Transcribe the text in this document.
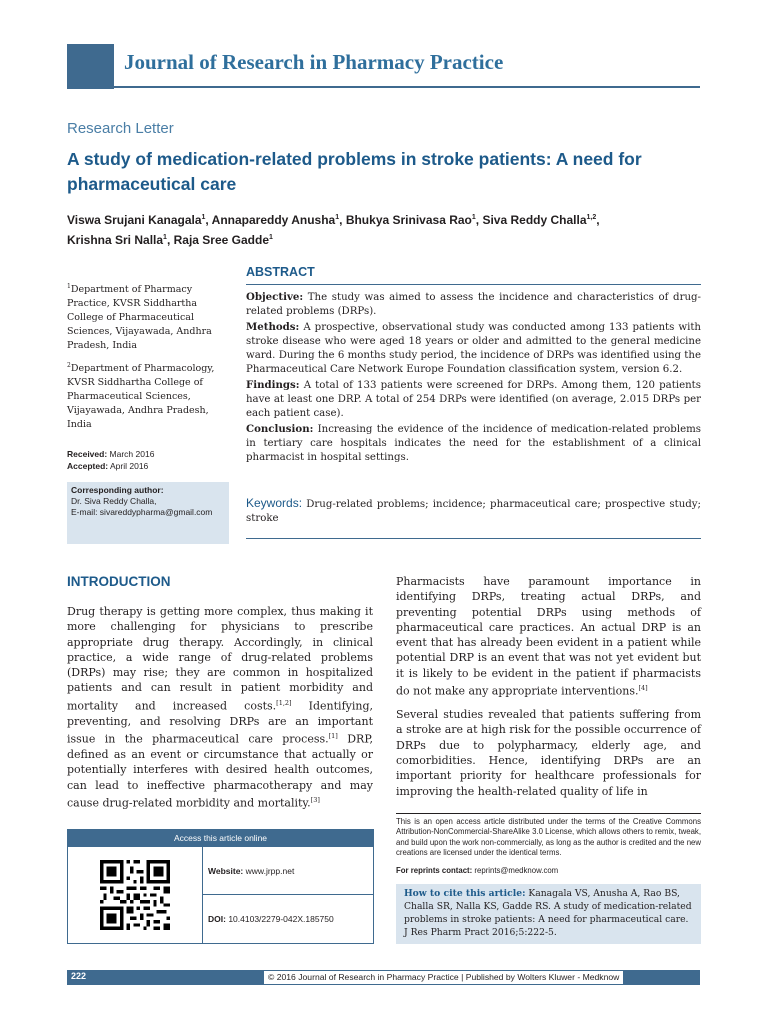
Journal of Research in Pharmacy Practice
Research Letter
A study of medication-related problems in stroke patients: A need for pharmaceutical care
Viswa Srujani Kanagala$^1$, Annapareddy Anusha$^1$, Bhukya Srinivasa Rao$^1$, Siva Reddy Challa$^{1,2}$,
Krishna Sri Nalla$^1$, Raja Sree Gadde$^1$
$^1$Department of Pharmacy Practice, KVSR Siddhartha College of Pharmaceutical Sciences, Vijayawada, Andhra Pradesh, India
$^2$Department of Pharmacology, KVSR Siddhartha College of Pharmaceutical Sciences, Vijayawada, Andhra Pradesh, India
Received: March 2016
Accepted: April 2016
Corresponding author:
Dr. Siva Reddy Challa,
E-mail: sivareddypharma@gmail.com
ABSTRACT

Objective: The study was aimed to assess the incidence and characteristics of drug-related problems (DRPs).

Methods: A prospective, observational study was conducted among 133 patients with stroke disease who were aged 18 years or older and admitted to the general medicine ward. During the 6 months study period, the incidence of DRPs was identified using the Pharmaceutical Care Network Europe Foundation classification system, version 6.2.

Findings: A total of 133 patients were screened for DRPs. Among them, 120 patients have at least one DRP. A total of 254 DRPs were identified (on average, 2.015 DRPs per each patient case).

Conclusion: Increasing the evidence of the incidence of medication-related problems in tertiary care hospitals indicates the need for the establishment of a clinical pharmacist in hospital settings.

Keywords: Drug-related problems; incidence; pharmaceutical care; prospective study; stroke
INTRODUCTION
Drug therapy is getting more complex, thus making it more challenging for physicians to prescribe appropriate drug therapy. Accordingly, in clinical practice, a wide range of drug-related problems (DRPs) may rise; they are common in hospitalized patients and can result in patient morbidity and mortality and increased costs.[1,2] Identifying, preventing, and resolving DRPs are an important issue in the pharmaceutical care process.[1] DRP, defined as an event or circumstance that actually or potentially interferes with desired health outcomes, can lead to ineffective pharmacotherapy and may cause drug-related morbidity and mortality.[3]

Pharmacists have paramount importance in identifying DRPs, treating actual DRPs, and preventing potential DRPs using methods of pharmaceutical care practices. An actual DRP is an event that has already been evident in a patient while potential DRP is an event that was not yet evident but it is likely to be evident in the patient if pharmacists do not make any appropriate interventions.[4]

Several studies revealed that patients suffering from a stroke are at high risk for the possible occurrence of DRPs due to polypharmacy, elderly age, and comorbidities. Hence, identifying DRPs are an important priority for healthcare professionals for improving the health-related quality of life in

Access this article online
Website: www.jrpp.net
DOI: 10.4103/2279-042X.185750
This is an open access article distributed under the terms of the Creative Commons Attribution-NonCommercial-ShareAlike 3.0 License, which allows others to remix, tweak, and build upon the work non-commercially, as long as the author is credited and the new creations are licensed under the identical terms.
For reprints contact: reprints@medknow.com
How to cite this article: Kanagala VS, Anusha A, Rao BS, Challa SR, Nalla KS, Gadde RS. A study of medication-related problems in stroke patients: A need for pharmaceutical care. J Res Pharm Pract 2016;5:222-5.
222	© 2016 Journal of Research in Pharmacy Practice | Published by Wolters Kluwer - Medknow
